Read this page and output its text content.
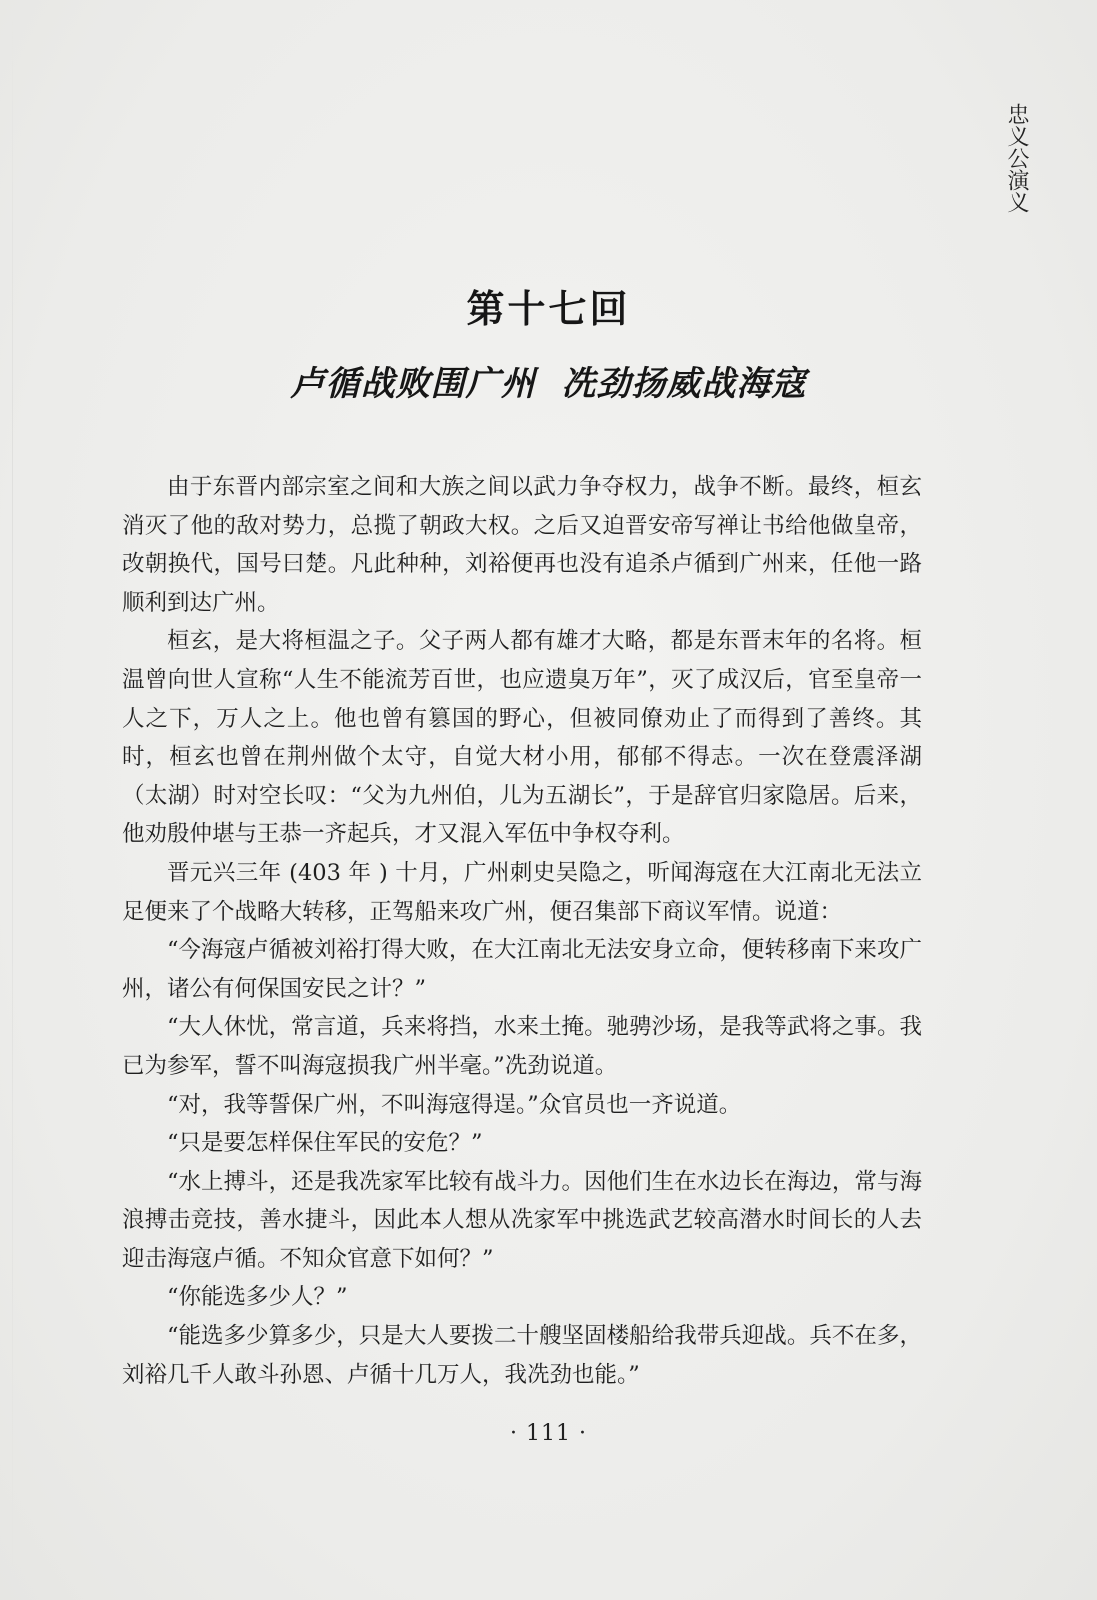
忠义公演义
第十七回
卢循战败围广州  冼劲扬威战海寇

由于东晋内部宗室之间和大族之间以武力争夺权力，战争不断。最终，桓玄消灭了他的敌对势力，总揽了朝政大权。之后又迫晋安帝写禅让书给他做皇帝，改朝换代，国号曰楚。凡此种种，刘裕便再也没有追杀卢循到广州来，任他一路顺利到达广州。

桓玄，是大将桓温之子。父子两人都有雄才大略，都是东晋末年的名将。桓温曾向世人宣称“人生不能流芳百世，也应遗臭万年”，灭了成汉后，官至皇帝一人之下，万人之上。他也曾有篡国的野心，但被同僚劝止了而得到了善终。其时，桓玄也曾在荆州做个太守，自觉大材小用，郁郁不得志。一次在登震泽湖（太湖）时对空长叹：“父为九州伯，儿为五湖长”，于是辞官归家隐居。后来，他劝殷仲堪与王恭一齐起兵，才又混入军伍中争权夺利。

晋元兴三年 (403 年 ) 十月，广州刺史吴隐之，听闻海寇在大江南北无法立足便来了个战略大转移，正驾船来攻广州，便召集部下商议军情。说道：

“今海寇卢循被刘裕打得大败，在大江南北无法安身立命，便转移南下来攻广州，诸公有何保国安民之计？”

“大人休忧，常言道，兵来将挡，水来土掩。驰骋沙场，是我等武将之事。我已为参军，誓不叫海寇损我广州半毫。”冼劲说道。

“对，我等誓保广州，不叫海寇得逞。”众官员也一齐说道。

“只是要怎样保住军民的安危？”

“水上搏斗，还是我冼家军比较有战斗力。因他们生在水边长在海边，常与海浪搏击竞技，善水捷斗，因此本人想从冼家军中挑选武艺较高潜水时间长的人去迎击海寇卢循。不知众官意下如何？”

“你能选多少人？”

“能选多少算多少，只是大人要拨二十艘坚固楼船给我带兵迎战。兵不在多，刘裕几千人敢斗孙恩、卢循十几万人，我冼劲也能。”

· 111 ·
